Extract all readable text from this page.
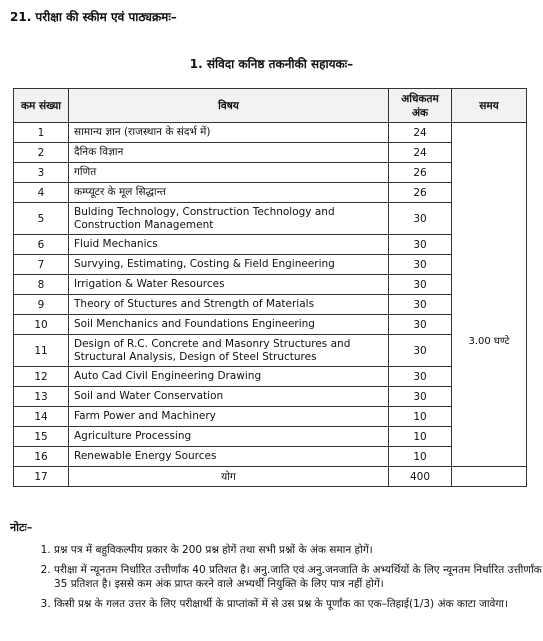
21. परीक्षा की स्कीम एवं पाठ्यक्रमः–
1. संविदा कनिष्ठ तकनीकी सहायकः–
कम संख्या	विषय	अधिकतम अंक	समय
1	सामान्य ज्ञान (राजस्थान के संदर्भ में)	24	3.00 घण्टे
2	दैनिक विज्ञान	24	
3	गणित	26	
4	कम्प्यूटर के मूल सिद्धान्त	26	
5	Bulding Technology, Construction Technology and Construction Management	30	
6	Fluid Mechanics	30	
7	Survying, Estimating, Costing & Field Engineering	30	
8	Irrigation & Water Resources	30	
9	Theory of Stuctures and Strength of Materials	30	
10	Soil Menchanics and Foundations Engineering	30	
11	Design of R.C. Concrete and Masonry Structures and Structural Analysis, Design of Steel Structures	30	
12	Auto Cad Civil Engineering Drawing	30	
13	Soil and Water Conservation	30	
14	Farm Power and Machinery	10	
15	Agriculture Processing	10	
16	Renewable Energy Sources	10	
17	योग	400	
नोटः–
1. प्रश्न पत्र में बहुविकल्पीय प्रकार के 200 प्रश्न होगें तथा सभी प्रश्नों के अंक समान होगें।
2. परीक्षा में न्यूनतम निर्धारित उत्तीर्णांक 40 प्रतिशत है। अनु.जाति एवं अनु.जनजाति के अभ्यर्थियों के लिए न्यूनतम निर्धारित उत्तीर्णांक 35 प्रतिशत है। इससे कम अंक प्राप्त करने वाले अभ्यर्थी नियुक्ति के लिए पात्र नहीं होगें।
3. किसी प्रश्न के गलत उत्तर के लिए परीक्षार्थी के प्राप्तांकों में से उस प्रश्न के पूर्णांक का एक–तिहाई(1/3) अंक काटा जावेगा।
